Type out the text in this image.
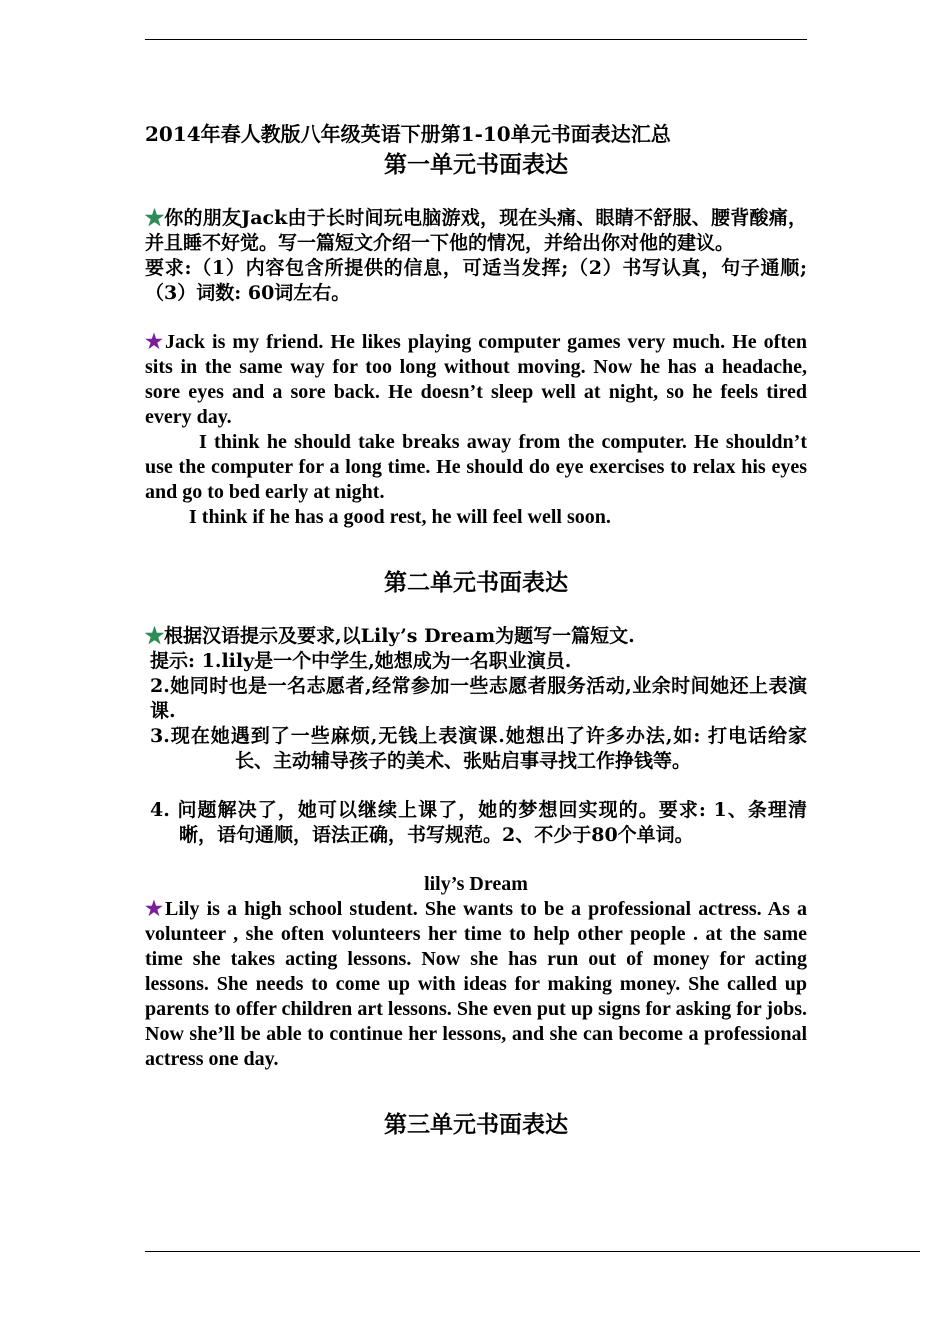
2014年春人教版八年级英语下册第1-10单元书面表达汇总

第一单元书面表达

★你的朋友Jack由于长时间玩电脑游戏，现在头痛、眼睛不舒服、腰背酸痛，并且睡不好觉。写一篇短文介绍一下他的情况，并给出你对他的建议。

要求:（1）内容包含所提供的信息，可适当发挥;（2）书写认真，句子通顺; （3）词数: 60词左右。

★Jack is my friend. He likes playing computer games very much. He often sits in the same way for too long without moving. Now he has a headache, sore eyes and a sore back. He doesn’t sleep well at night, so he feels tired every day.

I think he should take breaks away from the computer. He shouldn’t use the computer for a long time. He should do eye exercises to relax his eyes and go to bed early at night.

I think if he has a good rest, he will feel well soon.

第二单元书面表达

★根据汉语提示及要求,以Lily’s Dream为题写一篇短文.

提示: 1.lily是一个中学生,她想成为一名职业演员.

2.她同时也是一名志愿者,经常参加一些志愿者服务活动,业余时间她还上表演课.

3.现在她遇到了一些麻烦,无钱上表演课.她想出了许多办法,如: 打电话给家长、主动辅导孩子的美术、张贴启事寻找工作挣钱等。

4. 问题解决了，她可以继续上课了，她的梦想回实现的。要求: 1、条理清晰，语句通顺，语法正确，书写规范。2、不少于80个单词。

lily’s Dream

★Lily is a high school student. She wants to be a professional actress. As a volunteer , she often volunteers her time to help other people . at the same time she takes acting lessons. Now she has run out of money for acting lessons. She needs to come up with ideas for making money. She called up parents to offer children art lessons. She even put up signs for asking for jobs. Now she’ll be able to continue her lessons, and she can become a professional actress one day.

第三单元书面表达
